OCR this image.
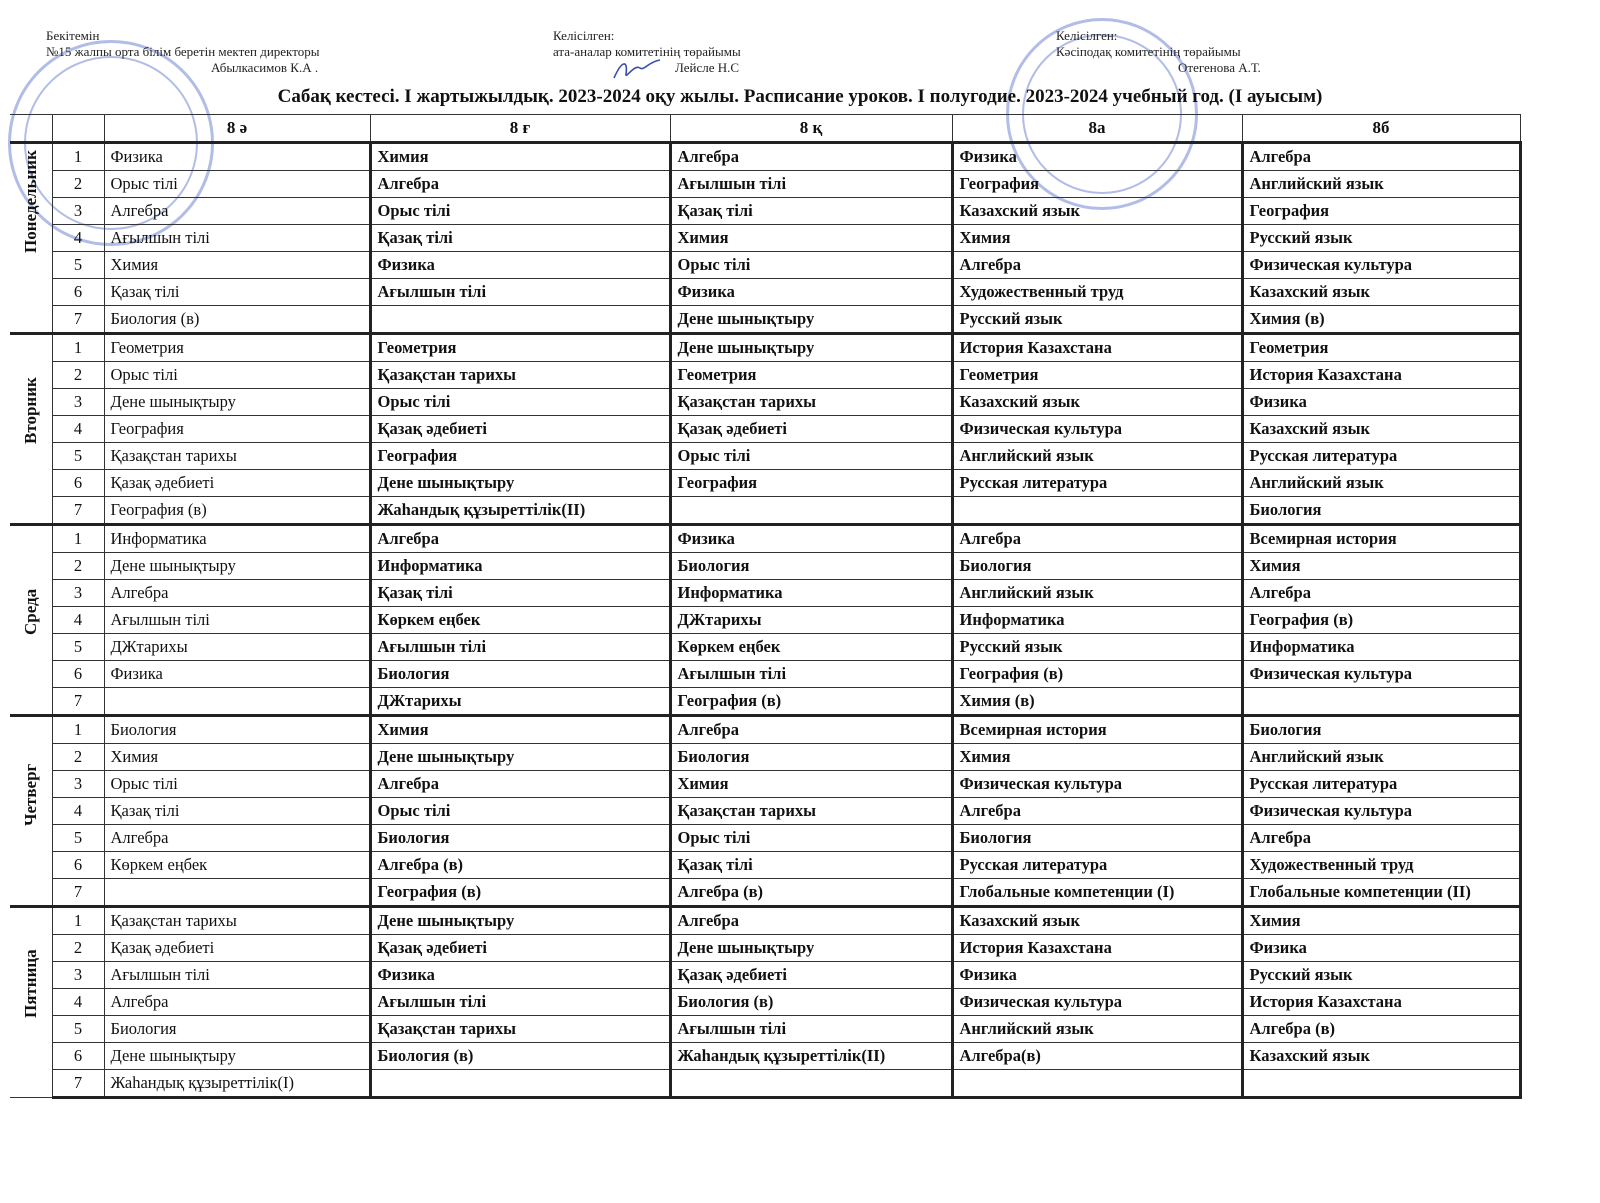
Бекітемін
№15 жалпы орта білім беретін мектеп директоры
Абылкасимов К.А .
Келісілген:
ата-аналар комитетінің төрайымы
Лейсле Н.С
Келісілген:
Кәсіподақ комитетінің төрайымы
Отегенова А.Т.
Сабақ кестесі. I жартыжылдық. 2023-2024 оқу жылы. Расписание уроков. I полугодие. 2023-2024 учебный год. (I ауысым)
		8 ә	8 ғ	8 қ	8а	8б

Понедельник	1	Физика	Химия	Алгебра	Физика	Алгебра
	2	Орыс тілі	Алгебра	Ағылшын тілі	География	Английский язык
	3	Алгебра	Орыс тілі	Қазақ тілі	Казахский язык	География
	4	Ағылшын тілі	Қазақ тілі	Химия	Химия	Русский язык
	5	Химия	Физика	Орыс тілі	Алгебра	Физическая культура
	6	Қазақ тілі	Ағылшын тілі	Физика	Художественный труд	Казахский язык
	7	Биология (в)		Дене шынықтыру	Русский язык	Химия (в)

Вторник	1	Геометрия	Геометрия	Дене шынықтыру	История Казахстана	Геометрия
	2	Орыс тілі	Қазақстан тарихы	Геометрия	Геометрия	История Казахстана
	3	Дене шынықтыру	Орыс тілі	Қазақстан тарихы	Казахский язык	Физика
	4	География	Қазақ әдебиеті	Қазақ әдебиеті	Физическая культура	Казахский язык
	5	Қазақстан тарихы	География	Орыс тілі	Английский язык	Русская литература
	6	Қазақ әдебиеті	Дене шынықтыру	География	Русская литература	Английский язык
	7	География (в)	Жаһандық құзыреттілік(II)			Биология

Среда	1	Информатика	Алгебра	Физика	Алгебра	Всемирная история
	2	Дене шынықтыру	Информатика	Биология	Биология	Химия
	3	Алгебра	Қазақ тілі	Информатика	Английский язык	Алгебра
	4	Ағылшын тілі	Көркем еңбек	ДЖтарихы	Информатика	География (в)
	5	ДЖтарихы	Ағылшын тілі	Көркем еңбек	Русский язык	Информатика
	6	Физика	Биология	Ағылшын тілі	География (в)	Физическая культура
	7		ДЖтарихы	География (в)	Химия (в)	

Четверг	1	Биология	Химия	Алгебра	Всемирная история	Биология
	2	Химия	Дене шынықтыру	Биология	Химия	Английский язык
	3	Орыс тілі	Алгебра	Химия	Физическая культура	Русская литература
	4	Қазақ тілі	Орыс тілі	Қазақстан тарихы	Алгебра	Физическая культура
	5	Алгебра	Биология	Орыс тілі	Биология	Алгебра
	6	Көркем еңбек	Алгебра (в)	Қазақ тілі	Русская литература	Художественный труд
	7		География (в)	Алгебра (в)	Глобальные компетенции (I)	Глобальные компетенции (II)

Пятница	1	Қазақстан тарихы	Дене шынықтыру	Алгебра	Казахский язык	Химия
	2	Қазақ әдебиеті	Қазақ әдебиеті	Дене шынықтыру	История Казахстана	Физика
	3	Ағылшын тілі	Физика	Қазақ әдебиеті	Физика	Русский язык
	4	Алгебра	Ағылшын тілі	Биология (в)	Физическая культура	История Казахстана
	5	Биология	Қазақстан тарихы	Ағылшын тілі	Английский язык	Алгебра (в)
	6	Дене шынықтыру	Биология (в)	Жаһандық құзыреттілік(II)	Алгебра(в)	Казахский язык
	7	Жаһандық құзыреттілік(I)				
